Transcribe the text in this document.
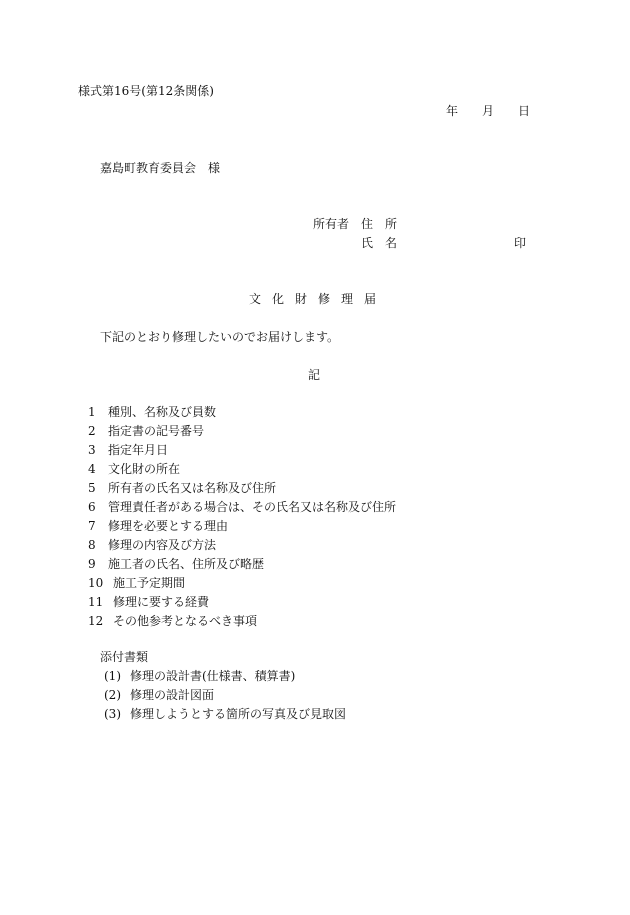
様式第16号(第12条関係)
年 月 日
嘉島町教育委員会 様
所有者 住　所
氏　名	印
文化財修理届
下記のとおり修理したいのでお届けします。
記
1 種別、名称及び員数
2 指定書の記号番号
3 指定年月日
4 文化財の所在
5 所有者の氏名又は名称及び住所
6 管理責任者がある場合は、その氏名又は名称及び住所
7 修理を必要とする理由
8 修理の内容及び方法
9 施工者の氏名、住所及び略歴
10 施工予定期間
11 修理に要する経費
12 その他参考となるべき事項
添付書類
(1) 修理の設計書(仕様書、積算書)
(2) 修理の設計図面
(3) 修理しようとする箇所の写真及び見取図
